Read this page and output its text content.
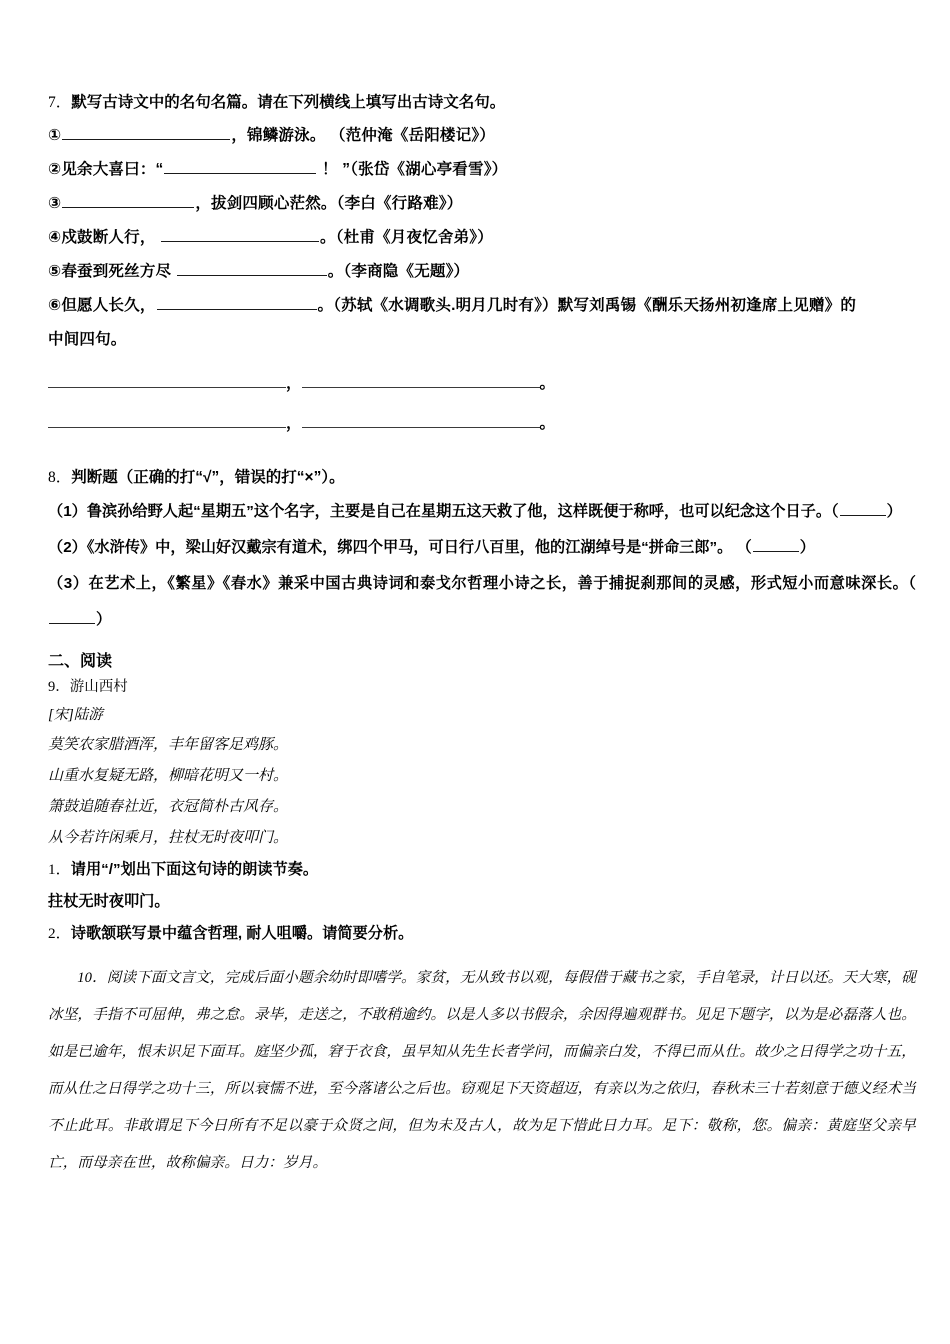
7．默写古诗文中的名句名篇。请在下列横线上填写出古诗文名句。
①	，锦鳞游泳。 （范仲淹《岳阳楼记》）
②见余大喜曰：“	！ ”（张岱《湖心亭看雪》）
③	，拔剑四顾心茫然。（李白《行路难》）
④戍鼓断人行，	。（杜甫《月夜忆舍弟》）
⑤春蚕到死丝方尽	。（李商隐《无题》）
⑥但愿人长久，	。（苏轼《水调歌头.明月几时有》）默写刘禹锡《酬乐天扬州初逢席上见赠》的
中间四句。
，	。
，	。
8．判断题（正确的打“√”，错误的打“×”）。
（1）鲁滨孙给野人起“星期五”这个名字，主要是自己在星期五这天救了他，这样既便于称呼，也可以纪念这个日子。（	）
（2）《水浒传》中，梁山好汉戴宗有道术，绑四个甲马，可日行八百里，他的江湖绰号是“拼命三郎”。 （	）
（3）在艺术上，《繁星》《春水》兼采中国古典诗词和泰戈尔哲理小诗之长，善于捕捉刹那间的灵感，形式短小而意味深长。（）
二、阅读
9．游山西村
[宋]陆游
莫笑农家腊酒浑，丰年留客足鸡豚。
山重水复疑无路，柳暗花明又一村。
箫鼓追随春社近，衣冠简朴古风存。
从今若许闲乘月，拄杖无时夜叩门。
1．请用“/”划出下面这句诗的朗读节奏。
拄杖无时夜叩门。
2．诗歌颔联写景中蕴含哲理, 耐人咀嚼。请简要分析。
10．阅读下面文言文，完成后面小题余幼时即嗜学。家贫，无从致书以观，每假借于藏书之家，手自笔录，计日以还。天大寒，砚冰坚，手指不可屈伸，弗之怠。录毕，走送之，不敢稍逾约。以是人多以书假余，余因得遍观群书。见足下题字，以为是必磊落人也。如是已逾年，恨未识足下面耳。庭坚少孤，窘于衣食，虽早知从先生长者学问，而偏亲白发，不得已而从仕。故少之日得学之功十五，而从仕之日得学之功十三，所以衰懦不进，至今落诸公之后也。窃观足下天资超迈，有亲以为之依归，春秋未三十若刻意于德义经术当不止此耳。非敢谓足下今日所有不足以豪于众贤之间，但为未及古人，故为足下惜此日力耳。足下：敬称，您。偏亲：黄庭坚父亲早亡，而母亲在世，故称偏亲。日力：岁月。
